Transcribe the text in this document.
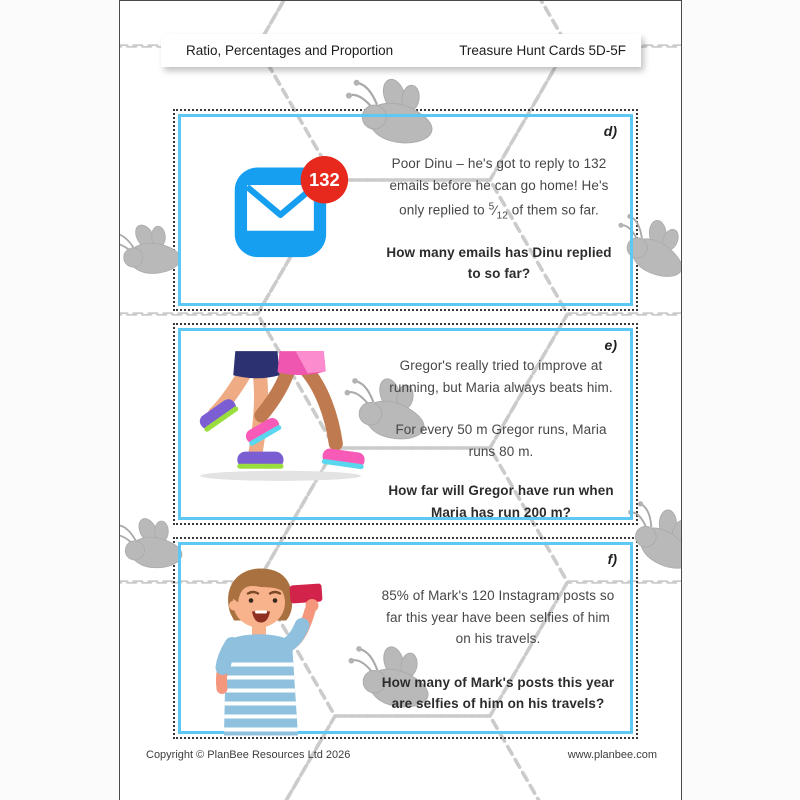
Ratio, Percentages and Proportion	Treasure Hunt Cards 5D-5F
d)
132
Poor Dinu – he's got to reply to 132
emails before he can go home! He's
only replied to $^5⁄_{12}$ of them so far.
How many emails has Dinu replied
to so far?
e)
Gregor's really tried to improve at
running, but Maria always beats him.
For every 50 m Gregor runs, Maria
runs 80 m.
How far will Gregor have run when
Maria has run 200 m?
f)
85% of Mark's 120 Instagram posts so
far this year have been selfies of him
on his travels.
How many of Mark's posts this year
are selfies of him on his travels?
Copyright © PlanBee Resources Ltd 2026	www.planbee.com
